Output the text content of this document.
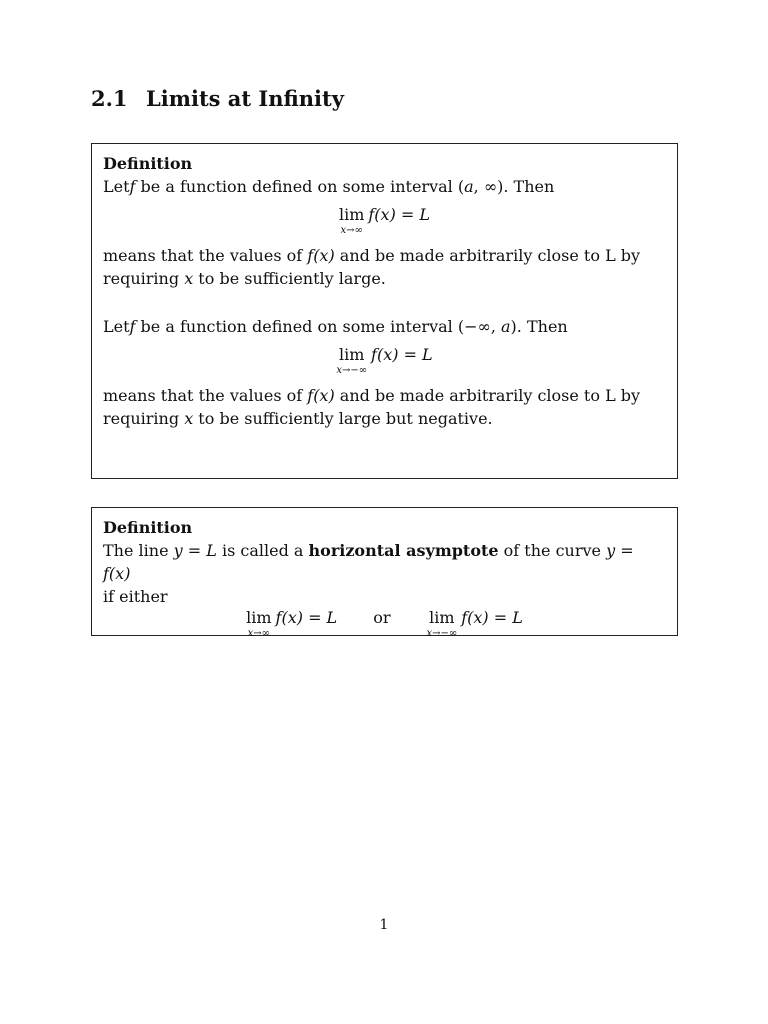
2.1 Limits at Infinity

Definition

Letf be a function defined on some interval (a, ∞). Then

lim
x→∞
f(x) = L

means that the values of f(x) and be made arbitrarily close to L by
requiring x to be sufficiently large.

Letf be a function defined on some interval (−∞, a). Then

lim
x→−∞
f(x) = L

means that the values of f(x) and be made arbitrarily close to L by
requiring x to be sufficiently large but negative.

Definition

The line y = L is called a horizontal asymptote of the curve y = f(x)
if either

lim
x→∞
f(x) = L or lim
x→−∞
f(x) = L
1
